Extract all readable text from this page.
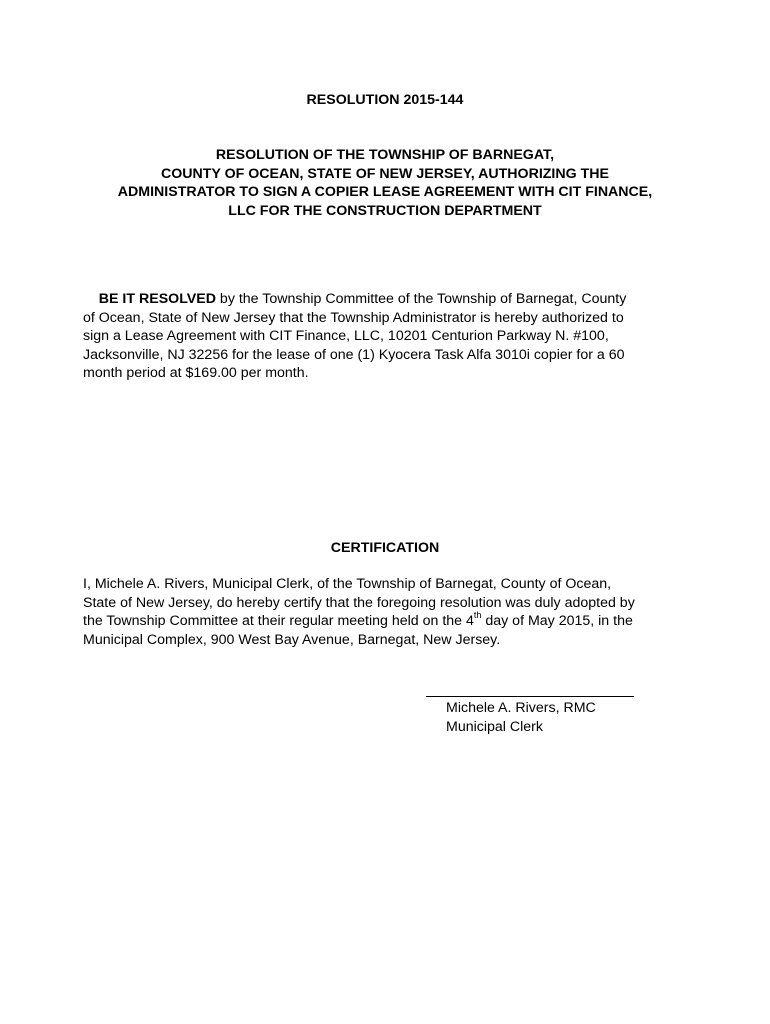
RESOLUTION 2015-144
RESOLUTION OF THE TOWNSHIP OF BARNEGAT,
COUNTY OF OCEAN, STATE OF NEW JERSEY, AUTHORIZING THE
ADMINISTRATOR TO SIGN A COPIER LEASE AGREEMENT WITH CIT FINANCE,
LLC FOR THE CONSTRUCTION DEPARTMENT
BE IT RESOLVED by the Township Committee of the Township of Barnegat, County
of Ocean, State of New Jersey that the Township Administrator is hereby authorized to
sign a Lease Agreement with CIT Finance, LLC, 10201 Centurion Parkway N. #100,
Jacksonville, NJ 32256 for the lease of one (1) Kyocera Task Alfa 3010i copier for a 60
month period at $169.00 per month.
CERTIFICATION
I, Michele A. Rivers, Municipal Clerk, of the Township of Barnegat, County of Ocean,
State of New Jersey, do hereby certify that the foregoing resolution was duly adopted by
the Township Committee at their regular meeting held on the 4th day of May 2015, in the
Municipal Complex, 900 West Bay Avenue, Barnegat, New Jersey.
Michele A. Rivers, RMC
Municipal Clerk
